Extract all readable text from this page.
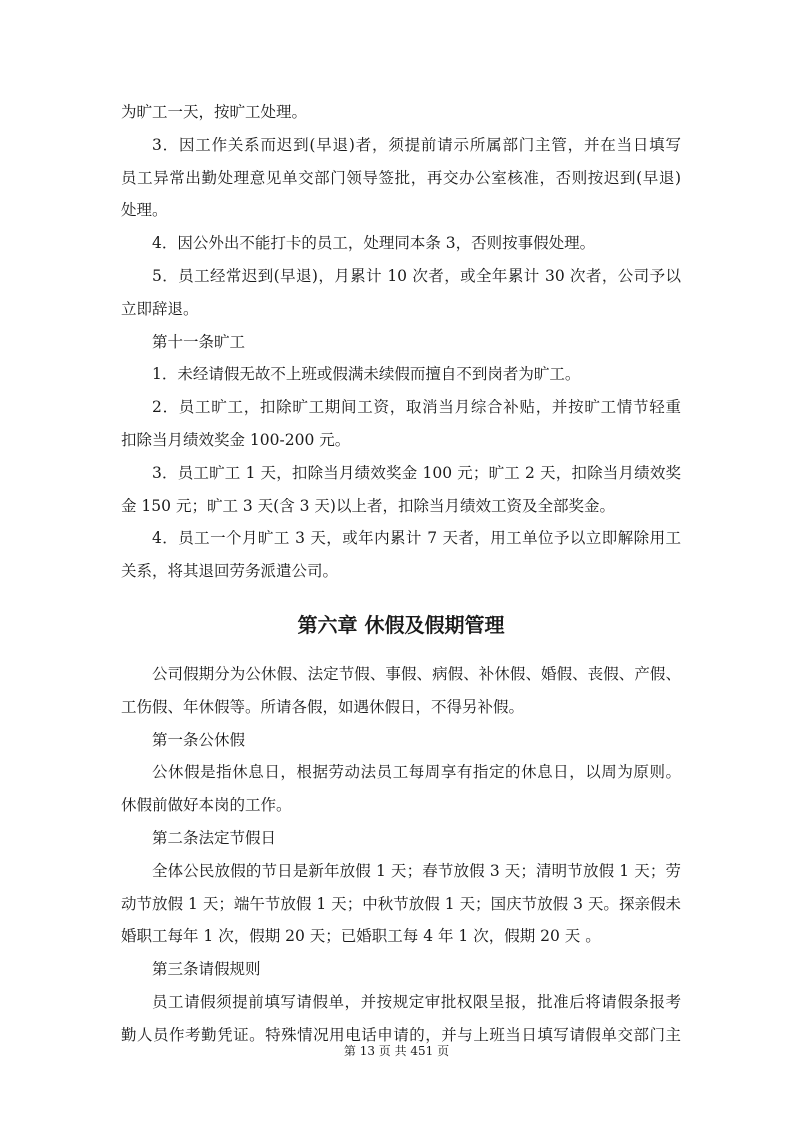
为旷工一天，按旷工处理。
3．因工作关系而迟到(早退)者，须提前请示所属部门主管，并在当日填写
员工异常出勤处理意见单交部门领导签批，再交办公室核准，否则按迟到(早退)
处理。
4．因公外出不能打卡的员工，处理同本条 3，否则按事假处理。
5．员工经常迟到(早退)，月累计 10 次者，或全年累计 30 次者，公司予以
立即辞退。
第十一条旷工
1．未经请假无故不上班或假满未续假而擅自不到岗者为旷工。
2．员工旷工，扣除旷工期间工资，取消当月综合补贴，并按旷工情节轻重
扣除当月绩效奖金 100-200 元。
3．员工旷工 1 天，扣除当月绩效奖金 100 元；旷工 2 天，扣除当月绩效奖
金 150 元；旷工 3 天(含 3 天)以上者，扣除当月绩效工资及全部奖金。
4．员工一个月旷工 3 天，或年内累计 7 天者，用工单位予以立即解除用工
关系，将其退回劳务派遣公司。
第六章 休假及假期管理
公司假期分为公休假、法定节假、事假、病假、补休假、婚假、丧假、产假、
工伤假、年休假等。所请各假，如遇休假日，不得另补假。
第一条公休假
公休假是指休息日，根据劳动法员工每周享有指定的休息日，以周为原则。
休假前做好本岗的工作。
第二条法定节假日
全体公民放假的节日是新年放假 1 天；春节放假 3 天；清明节放假 1 天；劳
动节放假 1 天；端午节放假 1 天；中秋节放假 1 天；国庆节放假 3 天。探亲假未
婚职工每年 1 次，假期 20 天；已婚职工每 4 年 1 次，假期 20 天 。
第三条请假规则
员工请假须提前填写请假单，并按规定审批权限呈报，批准后将请假条报考
勤人员作考勤凭证。特殊情况用电话申请的，并与上班当日填写请假单交部门主
第 13 页 共 451 页
